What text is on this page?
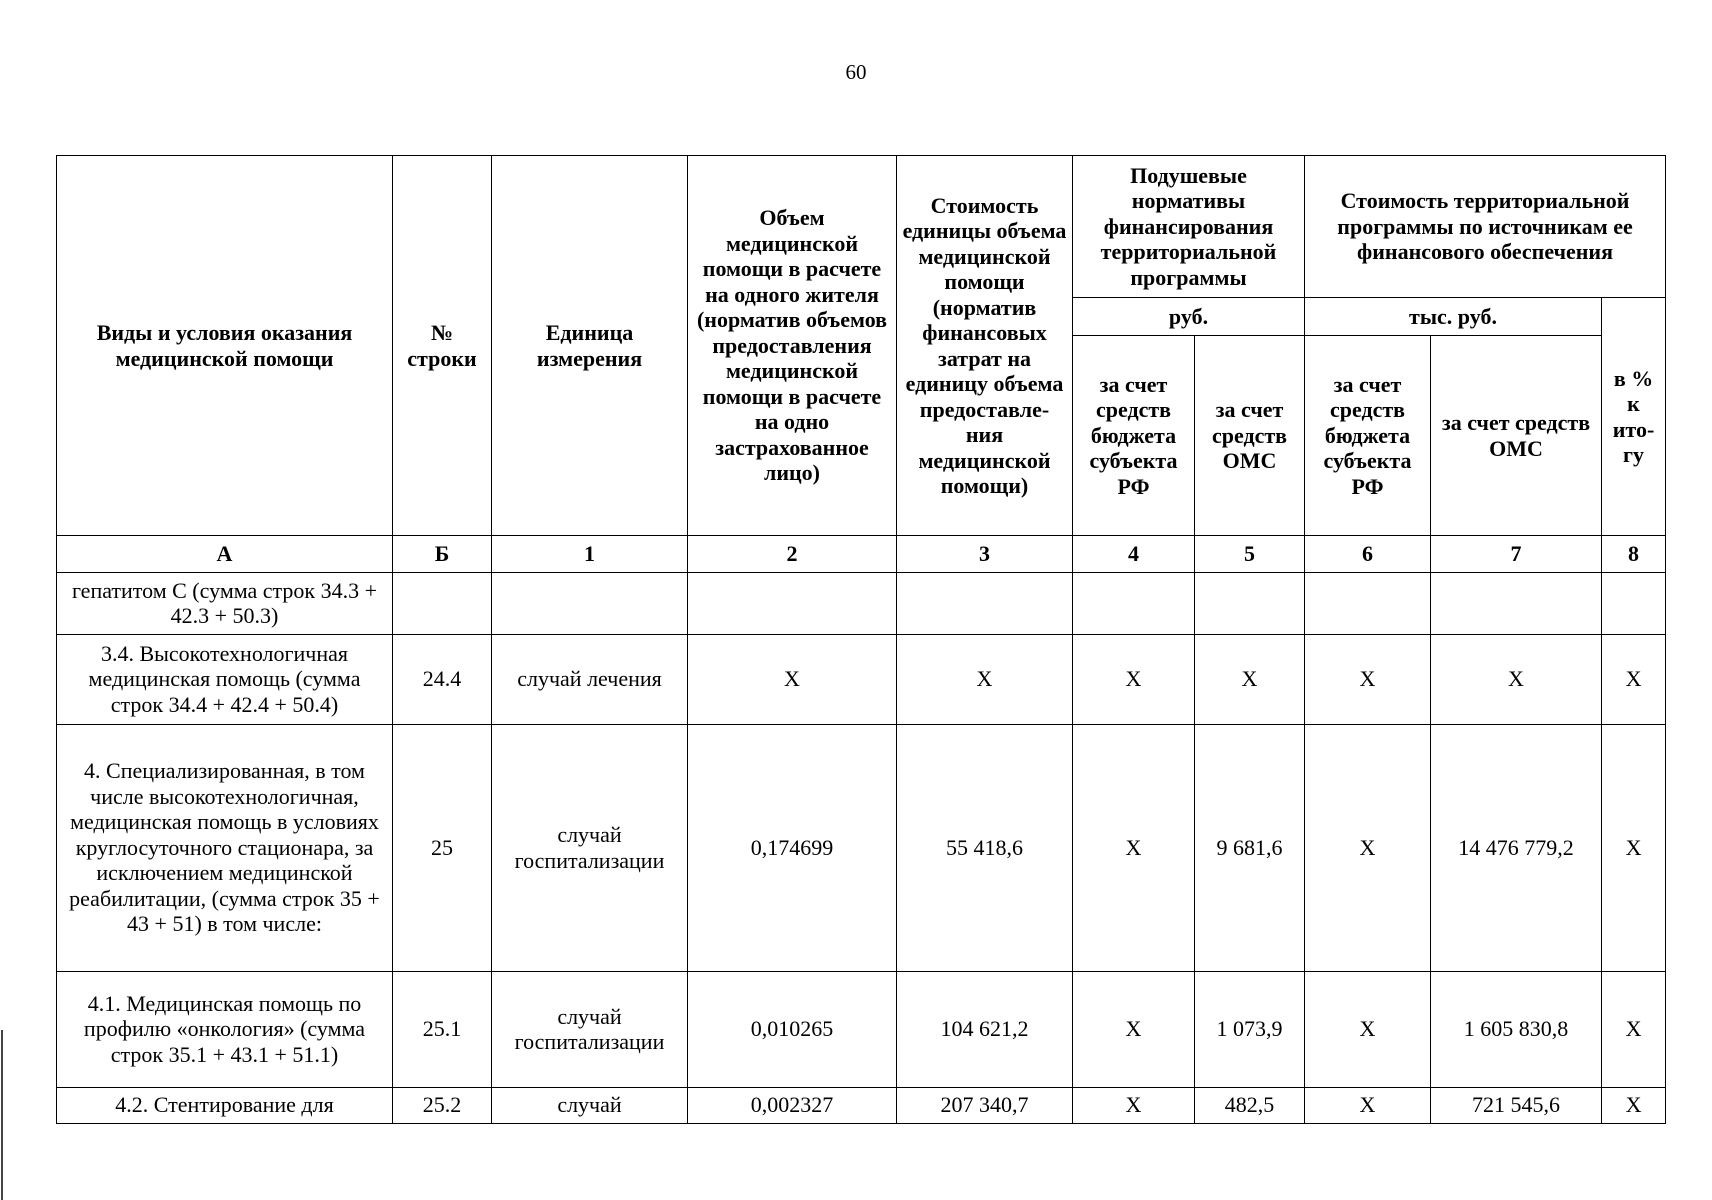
60
Виды и условия оказания медицинской помощи	№ строки	Единица измерения	Объем медицинской помощи в расчете на одного жителя (норматив объемов предоставления медицинской помощи в расчете на одно застрахованное лицо)	Стоимость единицы объема медицинской помощи (норматив финансовых затрат на единицу объема предоставле-ния медицинской помощи)	Подушевые нормативы финансирования территориальной программы		Стоимость территориальной программы по источникам ее финансового обеспечения		
					руб.		тыс. руб.		в % к ито-гу
					за счет средств бюджета субъекта РФ	за счет средств ОМС	за счет средств бюджета субъекта РФ	за счет средств ОМС	
А	Б	1	2	3	4	5	6	7	8
гепатитом С (сумма строк 34.3 + 42.3 + 50.3)									
3.4. Высокотехнологичная медицинская помощь (сумма строк 34.4 + 42.4 + 50.4)	24.4	случай лечения	Х	Х	Х	Х	Х	Х	Х
4. Специализированная, в том числе высокотехнологичная, медицинская помощь в условиях круглосуточного стационара, за исключением медицинской реабилитации, (сумма строк 35 + 43 + 51) в том числе:	25	случай госпитализации	0,174699	55 418,6	Х	9 681,6	Х	14 476 779,2	Х
4.1. Медицинская помощь по профилю «онкология» (сумма строк 35.1 + 43.1 + 51.1)	25.1	случай госпитализации	0,010265	104 621,2	Х	1 073,9	Х	1 605 830,8	Х
4.2. Стентирование для	25.2	случай	0,002327	207 340,7	Х	482,5	Х	721 545,6	Х
